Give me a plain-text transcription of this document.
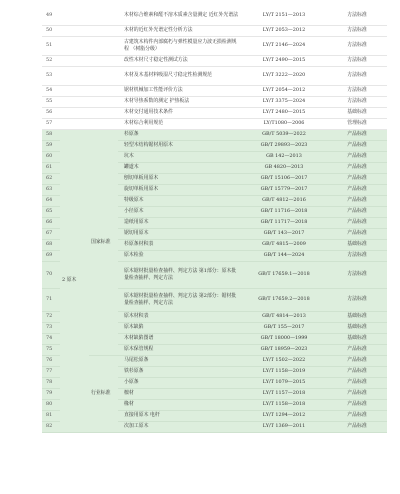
49			木材综合维素和醛不溶木质素含量测定 近红外光谱法	LY/T 2151—2013	方法标准
50			木材的近红外光谱定性分析方法	LY/T 2053—2012	方法标准
51			古建筑木构件内部腐朽与弹性模量应力波无损检测规程 （树脂分级）	LY/T 2146—2024	方法标准
52			改性木材尺寸稳定性测试方法	LY/T 2490—2015	方法标准
53			木材及木基材料吸湿尺寸稳定性检测规范	LY/T 3222—2020	方法标准
54			锯材机械加工性能评价方法	LY/T 2054—2012	方法标准
55			木材导热系数的测定 护热板法	LY/T 3375—2024	方法标准
56			木材交付通用技术条件	LY/T 2480—2015	基础标准
57			木材综合利用规范	LY/T1080—2006	管理标准
58	2 原木	国家标准	杉原条	GB/T 5039—2022	产品标准
59			轻型木结构锯材用原木	GB/T 29893—2023	产品标准
60			坑木	GB 142—2013	产品标准
61			罐道木	GB 4820—2013	产品标准
62			刨切单板用原木	GB/T 15106—2017	产品标准
63			旋切单板用原木	GB/T 15779—2017	产品标准
64			特级原木	GB/T 4812—2016	产品标准
65			小径原木	GB/T 11716—2018	产品标准
66			造纸用原木	GB/T 11717—2018	产品标准
67			锯切用原木	GB/T 143—2017	产品标准
68			杉原条材积表	GB/T 4815—2009	基础标准
69			原木检验	GB/T 144—2024	方法标准
70			原木锯材批量检查抽样、判定方法 第1部分：原木批量检查抽样、判定方法	GB/T 17659.1—2018	方法标准
71			原木锯材批量检查抽样、判定方法 第2部分：锯材批量检查抽样、判定方法	GB/T 17659.2—2018	方法标准
72			原木材积表	GB/T 4814—2013	基础标准
73			原木缺陷	GB/T 155—2017	基础标准
74			木材缺陷图谱	GB/T 18000—1999	基础标准
75			原木保管规程	GB/T 18959—2023	产品标准
76		行业标准	马尾松原条	LY/T 1502—2022	产品标准
77			铁杉原条	LY/T 1158—2019	产品标准
78			小原条	LY/T 1079—2015	产品标准
79			檩材	LY/T 1157—2018	产品标准
80			椽材	LY/T 1158—2018	产品标准
81			直接用原木 电杆	LY/T 1294—2012	产品标准
82			次加工原木	LY/T 1369—2011	产品标准
